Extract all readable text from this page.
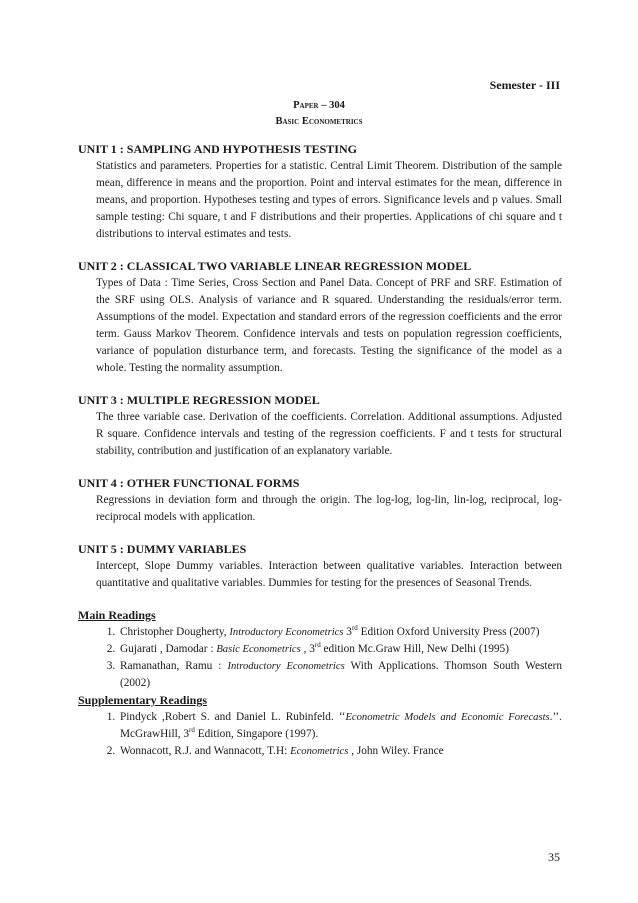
Semester - III
Paper – 304
Basic Econometrics
UNIT 1 : SAMPLING AND HYPOTHESIS TESTING
Statistics and parameters. Properties for a statistic. Central Limit Theorem. Distribution of the sample mean, difference in means and the proportion. Point and interval estimates for the mean, difference in means, and proportion. Hypotheses testing and types of errors. Significance levels and p values. Small sample testing: Chi square, t and F distributions and their properties. Applications of chi square and t distributions to interval estimates and tests.
UNIT 2 : CLASSICAL TWO VARIABLE LINEAR REGRESSION MODEL
Types of Data : Time Series, Cross Section and Panel Data. Concept of PRF and SRF. Estimation of the SRF using OLS. Analysis of variance and R squared. Understanding the residuals/error term. Assumptions of the model. Expectation and standard errors of the regression coefficients and the error term. Gauss Markov Theorem. Confidence intervals and tests on population regression coefficients, variance of population disturbance term, and forecasts. Testing the significance of the model as a whole. Testing the normality assumption.
UNIT 3 : MULTIPLE REGRESSION MODEL
The three variable case. Derivation of the coefficients. Correlation. Additional assumptions. Adjusted R square. Confidence intervals and testing of the regression coefficients. F and t tests for structural stability, contribution and justification of an explanatory variable.
UNIT 4 : OTHER FUNCTIONAL FORMS
Regressions in deviation form and through the origin. The log-log, log-lin, lin-log, reciprocal, log-reciprocal models with application.
UNIT 5 : DUMMY VARIABLES
Intercept, Slope Dummy variables. Interaction between qualitative variables. Interaction between quantitative and qualitative variables. Dummies for testing for the presences of Seasonal Trends.
Main Readings
1. Christopher Dougherty, Introductory Econometrics 3rd Edition Oxford University Press (2007)
2. Gujarati , Damodar : Basic Econometrics , 3rd edition Mc.Graw Hill, New Delhi (1995)
3. Ramanathan, Ramu : Introductory Econometrics With Applications. Thomson South Western (2002)
Supplementary Readings
1. Pindyck ,Robert S. and Daniel L. Rubinfeld. ‘‘Econometric Models and Economic Forecasts.’’. McGrawHill, 3rd Edition, Singapore (1997).
2. Wonnacott, R.J. and Wannacott, T.H: Econometrics , John Wiley. France
35
